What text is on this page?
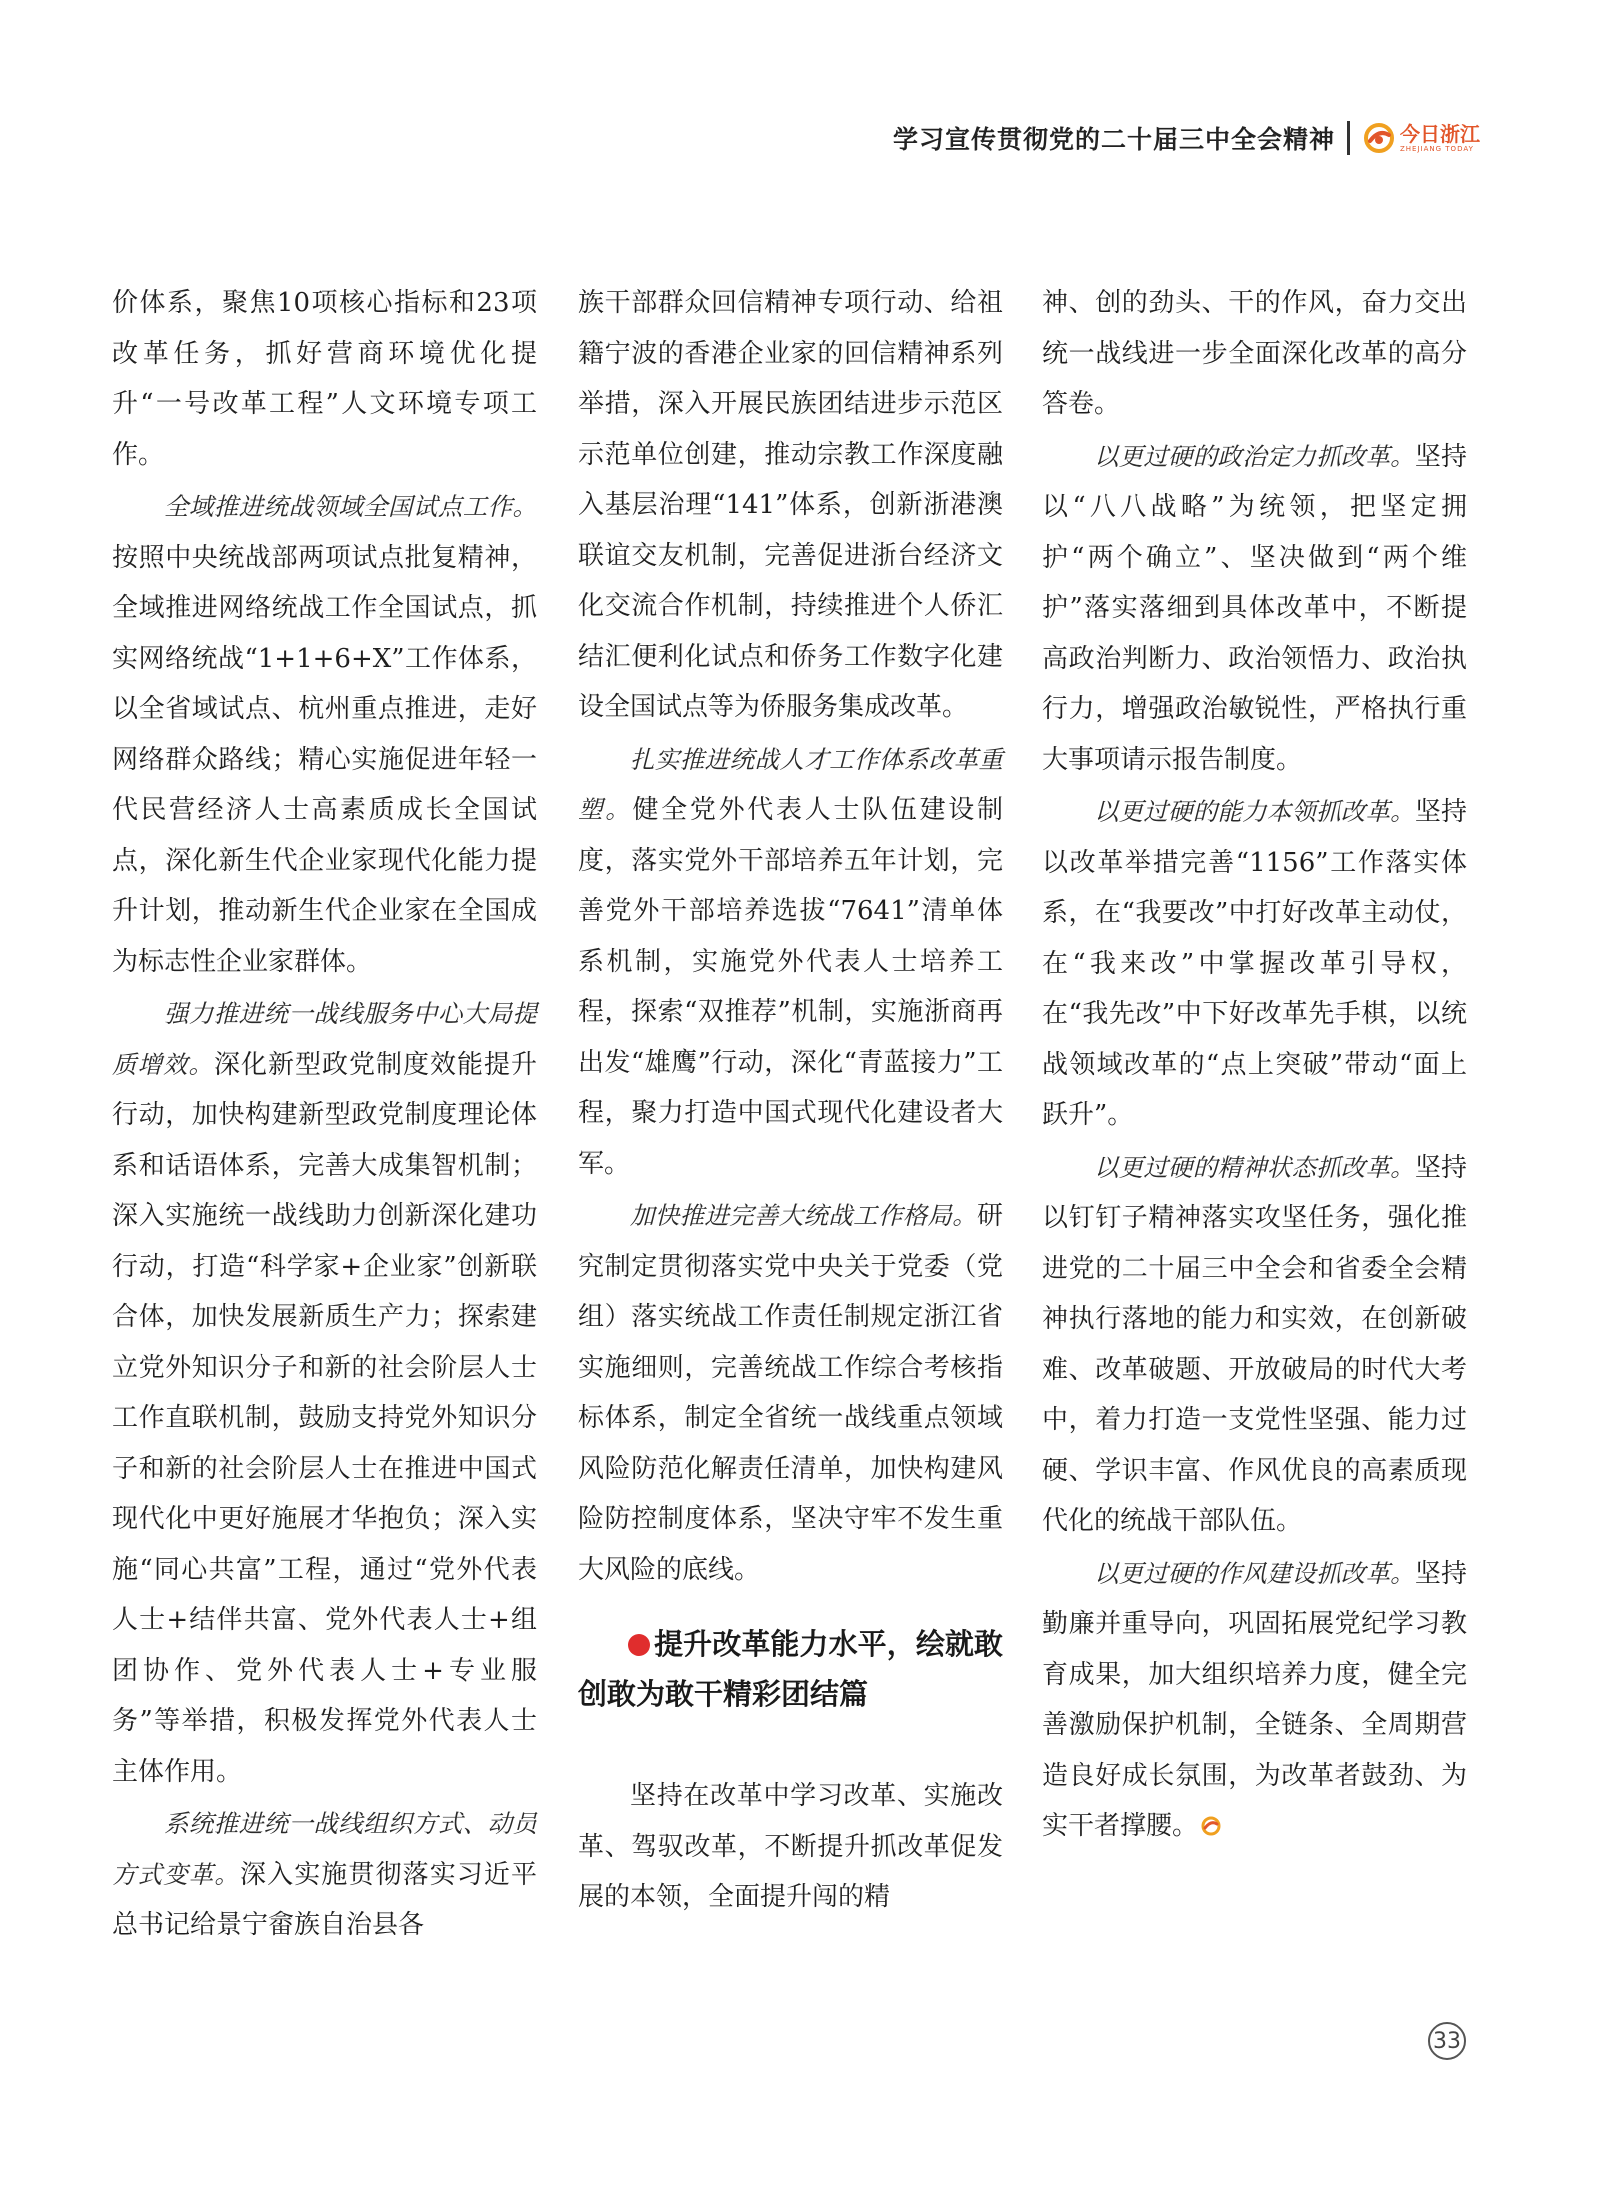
学习宣传贯彻党的二十届三中全会精神	今日浙江
ZHEJIANG TODAY

价体系，聚焦10项核心指标和23项改革任务，抓好营商环境优化提升“一号改革工程”人文环境专项工作。

全域推进统战领域全国试点工作。按照中央统战部两项试点批复精神，全域推进网络统战工作全国试点，抓实网络统战“1+1+6+X”工作体系，以全省域试点、杭州重点推进，走好网络群众路线；精心实施促进年轻一代民营经济人士高素质成长全国试点，深化新生代企业家现代化能力提升计划，推动新生代企业家在全国成为标志性企业家群体。

强力推进统一战线服务中心大局提质增效。深化新型政党制度效能提升行动，加快构建新型政党制度理论体系和话语体系，完善大成集智机制；深入实施统一战线助力创新深化建功行动，打造“科学家+企业家”创新联合体，加快发展新质生产力；探索建立党外知识分子和新的社会阶层人士工作直联机制，鼓励支持党外知识分子和新的社会阶层人士在推进中国式现代化中更好施展才华抱负；深入实施“同心共富”工程，通过“党外代表人士+结伴共富、党外代表人士+组团协作、党外代表人士+专业服务”等举措，积极发挥党外代表人士主体作用。

系统推进统一战线组织方式、动员方式变革。深入实施贯彻落实习近平总书记给景宁畲族自治县各

族干部群众回信精神专项行动、给祖籍宁波的香港企业家的回信精神系列举措，深入开展民族团结进步示范区示范单位创建，推动宗教工作深度融入基层治理“141”体系，创新浙港澳联谊交友机制，完善促进浙台经济文化交流合作机制，持续推进个人侨汇结汇便利化试点和侨务工作数字化建设全国试点等为侨服务集成改革。

扎实推进统战人才工作体系改革重塑。健全党外代表人士队伍建设制度，落实党外干部培养五年计划，完善党外干部培养选拔“7641”清单体系机制，实施党外代表人士培养工程，探索“双推荐”机制，实施浙商再出发“雄鹰”行动，深化“青蓝接力”工程，聚力打造中国式现代化建设者大军。

加快推进完善大统战工作格局。研究制定贯彻落实党中央关于党委（党组）落实统战工作责任制规定浙江省实施细则，完善统战工作综合考核指标体系，制定全省统一战线重点领域风险防范化解责任清单，加快构建风险防控制度体系，坚决守牢不发生重大风险的底线。

提升改革能力水平，绘就敢创敢为敢干精彩团结篇

坚持在改革中学习改革、实施改革、驾驭改革，不断提升抓改革促发展的本领，全面提升闯的精

神、创的劲头、干的作风，奋力交出统一战线进一步全面深化改革的高分答卷。

以更过硬的政治定力抓改革。坚持以“八八战略”为统领，把坚定拥护“两个确立”、坚决做到“两个维护”落实落细到具体改革中，不断提高政治判断力、政治领悟力、政治执行力，增强政治敏锐性，严格执行重大事项请示报告制度。

以更过硬的能力本领抓改革。坚持以改革举措完善“1156”工作落实体系，在“我要改”中打好改革主动仗，在“我来改”中掌握改革引导权，在“我先改”中下好改革先手棋，以统战领域改革的“点上突破”带动“面上跃升”。

以更过硬的精神状态抓改革。坚持以钉钉子精神落实攻坚任务，强化推进党的二十届三中全会和省委全会精神执行落地的能力和实效，在创新破难、改革破题、开放破局的时代大考中，着力打造一支党性坚强、能力过硬、学识丰富、作风优良的高素质现代化的统战干部队伍。

以更过硬的作风建设抓改革。坚持勤廉并重导向，巩固拓展党纪学习教育成果，加大组织培养力度，健全完善激励保护机制，全链条、全周期营造良好成长氛围，为改革者鼓劲、为实干者撑腰。

33
